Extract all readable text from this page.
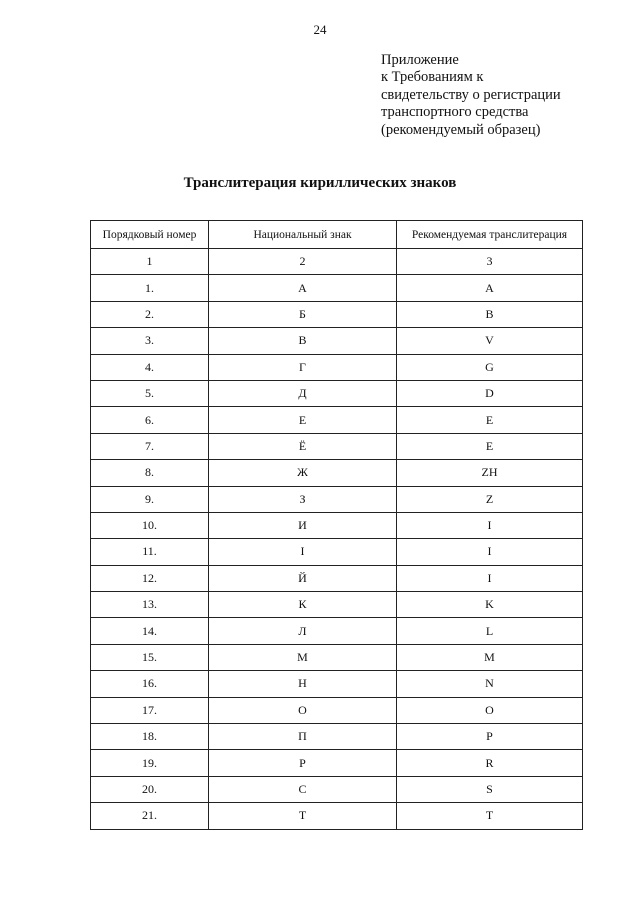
24
Приложение
к Требованиям к
свидетельству о регистрации
транспортного средства
(рекомендуемый образец)
Транслитерация кириллических знаков
Порядковый номер	Национальный знак	Рекомендуемая транслитерация
1	2	3
1.	А	A
2.	Б	B
3.	В	V
4.	Г	G
5.	Д	D
6.	Е	E
7.	Ё	E
8.	Ж	ZH
9.	З	Z
10.	И	I
11.	І	I
12.	Й	I
13.	К	K
14.	Л	L
15.	М	M
16.	Н	N
17.	О	O
18.	П	P
19.	Р	R
20.	С	S
21.	Т	T
